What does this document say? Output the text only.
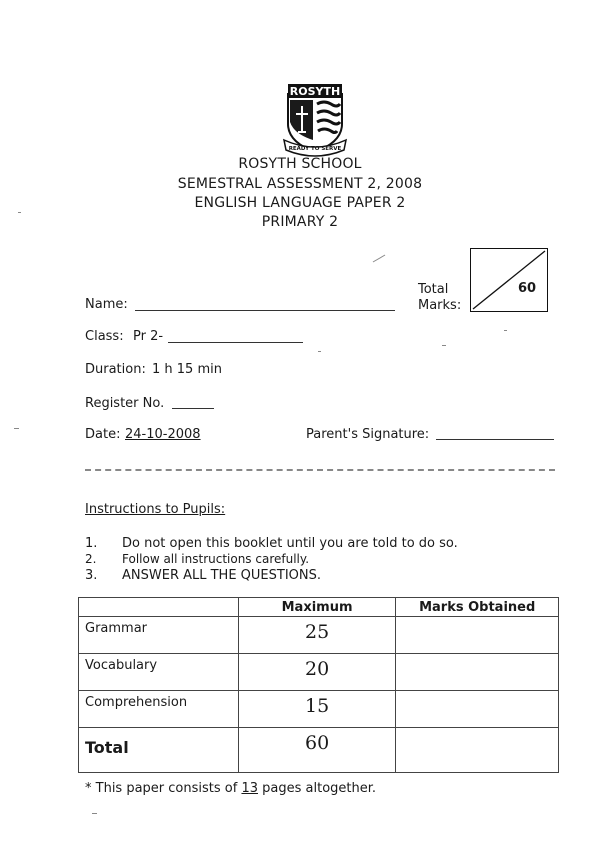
ROSYTH
READY TO SERVE
ROSYTH SCHOOL
SEMESTRAL ASSESSMENT 2, 2008
ENGLISH LANGUAGE PAPER 2
PRIMARY 2
Total
Marks:
60
Name:
Class: Pr 2-
Duration: 1 h 15 min
Register No.
Date: 24-10-2008	Parent's Signature:
Instructions to Pupils:
1. Do not open this booklet until you are told to do so.
2. Follow all instructions carefully.
3. ANSWER ALL THE QUESTIONS.
	Maximum	Marks Obtained
Grammar	25	
Vocabulary	20	
Comprehension	15	
Total	60	
* This paper consists of 13 pages altogether.
